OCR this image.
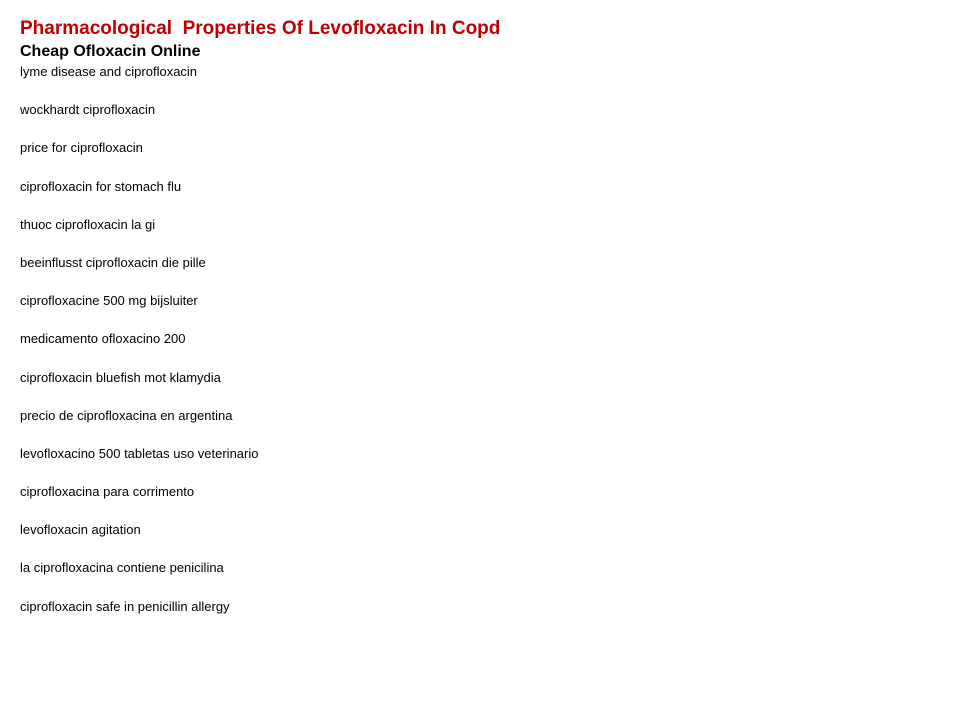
Pharmacological  Properties Of Levofloxacin In Copd
Cheap Ofloxacin Online
lyme disease and ciprofloxacin
wockhardt ciprofloxacin
price for ciprofloxacin
ciprofloxacin for stomach flu
thuoc ciprofloxacin la gi
beeinflusst ciprofloxacin die pille
ciprofloxacine 500 mg bijsluiter
medicamento ofloxacino 200
ciprofloxacin bluefish mot klamydia
precio de ciprofloxacina en argentina
levofloxacino 500 tabletas uso veterinario
ciprofloxacina para corrimento
levofloxacin agitation
la ciprofloxacina contiene penicilina
ciprofloxacin safe in penicillin allergy
